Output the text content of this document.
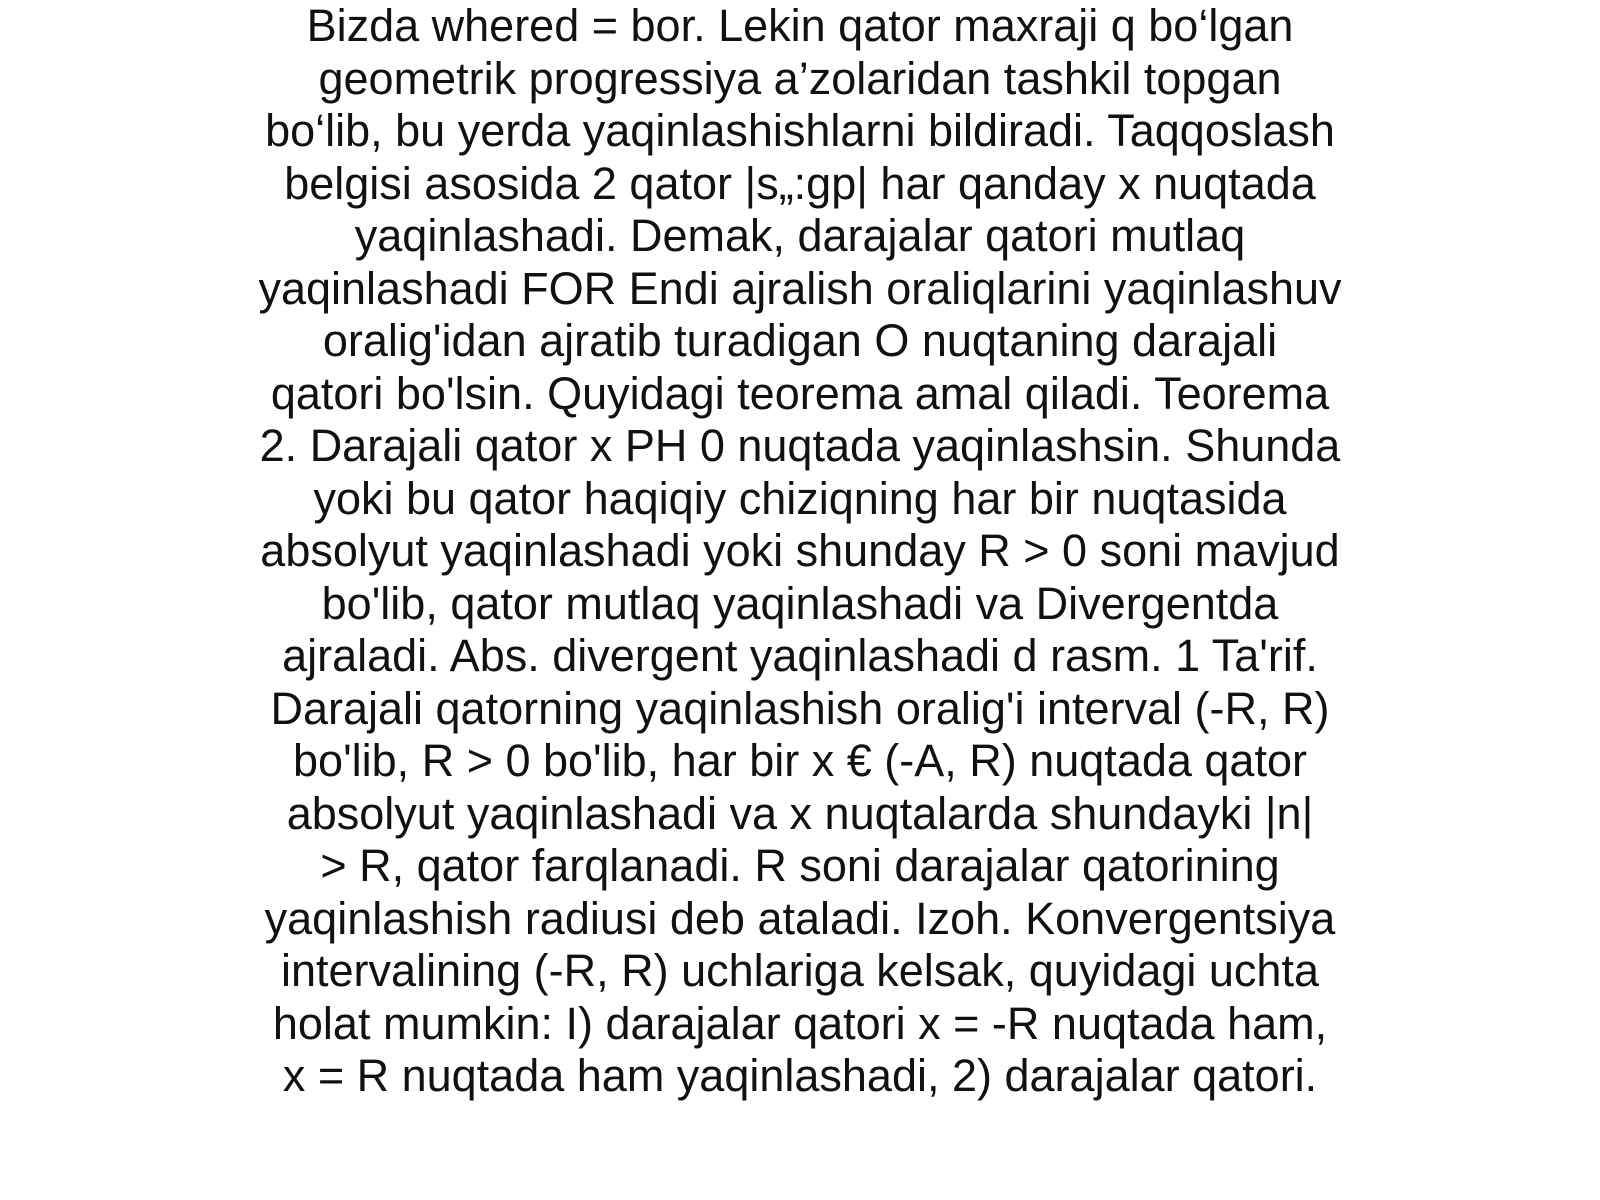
Bizda whered = bor. Lekin qator maxraji q bo‘lgan
geometrik progressiya a’zolaridan tashkil topgan
bo‘lib, bu yerda yaqinlashishlarni bildiradi. Taqqoslash
belgisi asosida 2 qator |s„:gp| har qanday x nuqtada
yaqinlashadi. Demak, darajalar qatori mutlaq
yaqinlashadi FOR Endi ajralish oraliqlarini yaqinlashuv
oralig'idan ajratib turadigan O nuqtaning darajali
qatori bo'lsin. Quyidagi teorema amal qiladi. Teorema
2. Darajali qator x PH 0 nuqtada yaqinlashsin. Shunda
yoki bu qator haqiqiy chiziqning har bir nuqtasida
absolyut yaqinlashadi yoki shunday R > 0 soni mavjud
bo'lib, qator mutlaq yaqinlashadi va Divergentda
ajraladi. Abs. divergent yaqinlashadi d rasm. 1 Ta'rif.
Darajali qatorning yaqinlashish oralig'i interval (-R, R)
bo'lib, R > 0 bo'lib, har bir x € (-A, R) nuqtada qator
absolyut yaqinlashadi va x nuqtalarda shundayki |n|
> R, qator farqlanadi. R soni darajalar qatorining
yaqinlashish radiusi deb ataladi. Izoh. Konvergentsiya
intervalining (-R, R) uchlariga kelsak, quyidagi uchta
holat mumkin: I) darajalar qatori x = -R nuqtada ham,
x = R nuqtada ham yaqinlashadi, 2) darajalar qatori.
